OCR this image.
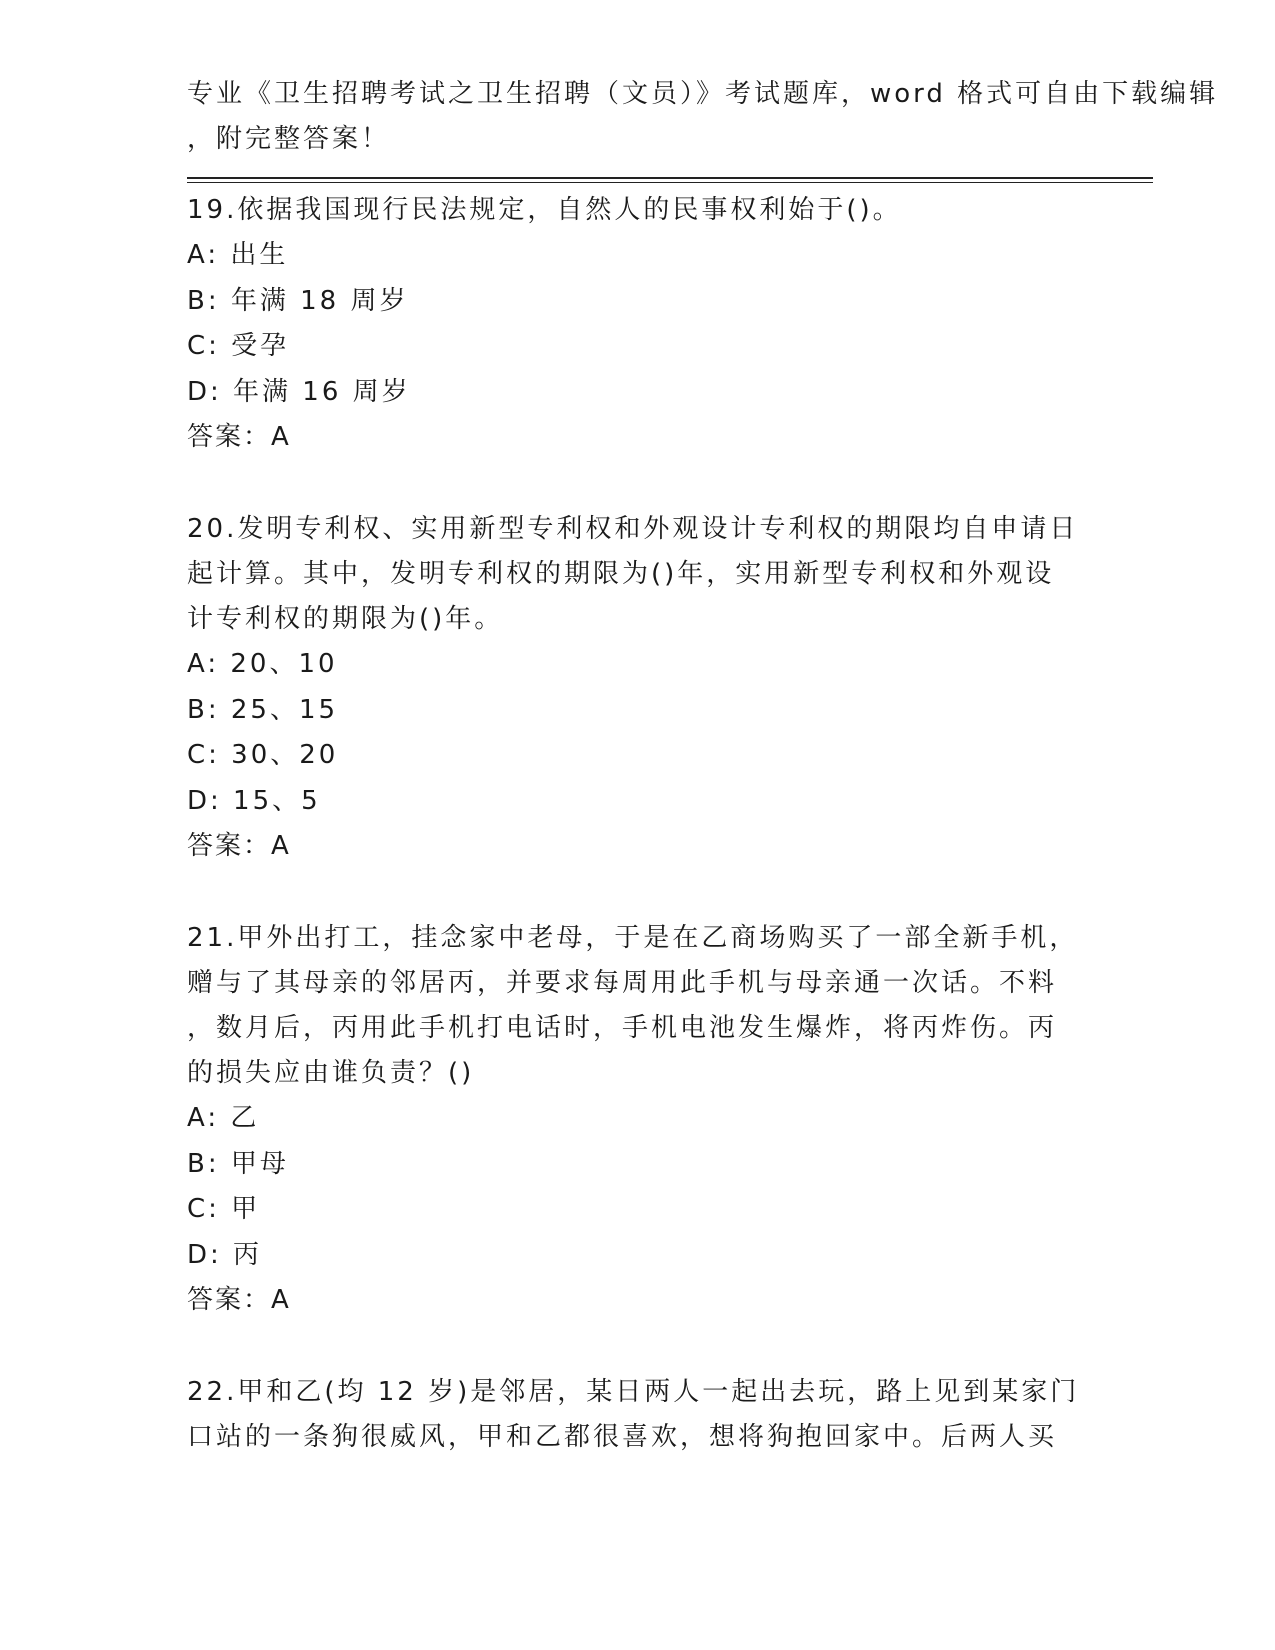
专业《卫生招聘考试之卫生招聘（文员）》考试题库，word 格式可自由下载编辑
，附完整答案！
19.依据我国现行民法规定，自然人的民事权利始于()。
A: 出生
B: 年满 18 周岁
C: 受孕
D: 年满 16 周岁
答案：A
20.发明专利权、实用新型专利权和外观设计专利权的期限均自申请日
起计算。其中，发明专利权的期限为()年，实用新型专利权和外观设
计专利权的期限为()年。
A: 20、10
B: 25、15
C: 30、20
D: 15、5
答案：A
21.甲外出打工，挂念家中老母，于是在乙商场购买了一部全新手机，
赠与了其母亲的邻居丙，并要求每周用此手机与母亲通一次话。不料
，数月后，丙用此手机打电话时，手机电池发生爆炸，将丙炸伤。丙
的损失应由谁负责？()
A: 乙
B: 甲母
C: 甲
D: 丙
答案：A
22.甲和乙(均 12 岁)是邻居，某日两人一起出去玩，路上见到某家门
口站的一条狗很威风，甲和乙都很喜欢，想将狗抱回家中。后两人买
